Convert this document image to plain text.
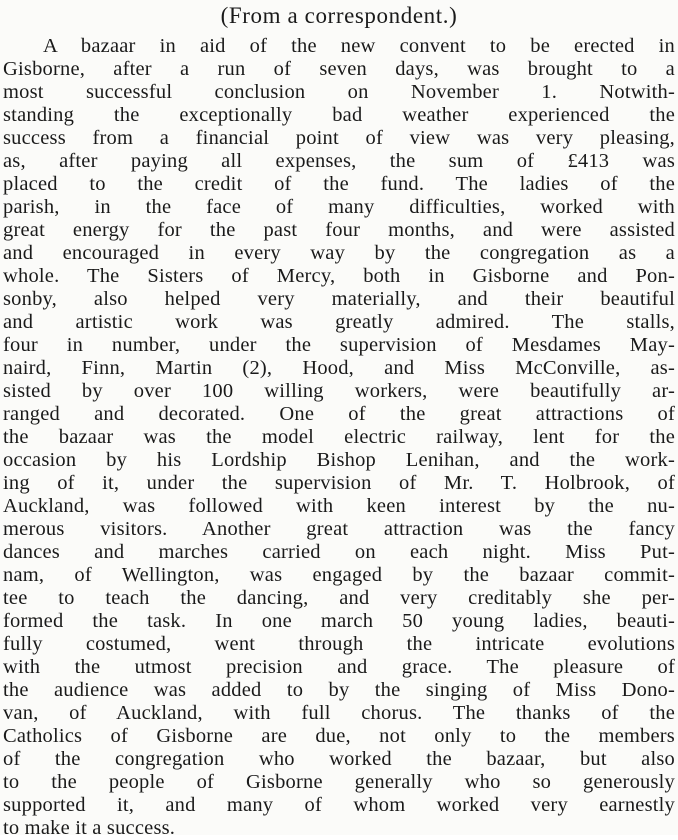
(From a correspondent.)
A bazaar in aid of the new convent to be erected in
Gisborne, after a run of seven days, was brought to a
most successful conclusion on November 1. Notwith-
standing the exceptionally bad weather experienced the
success from a financial point of view was very pleasing,
as, after paying all expenses, the sum of £413 was
placed to the credit of the fund. The ladies of the
parish, in the face of many difficulties, worked with
great energy for the past four months, and were assisted
and encouraged in every way by the congregation as a
whole. The Sisters of Mercy, both in Gisborne and Pon-
sonby, also helped very materially, and their beautiful
and artistic work was greatly admired. The stalls,
four in number, under the supervision of Mesdames May-
naird, Finn, Martin (2), Hood, and Miss McConville, as-
sisted by over 100 willing workers, were beautifully ar-
ranged and decorated. One of the great attractions of
the bazaar was the model electric railway, lent for the
occasion by his Lordship Bishop Lenihan, and the work-
ing of it, under the supervision of Mr. T. Holbrook, of
Auckland, was followed with keen interest by the nu-
merous visitors. Another great attraction was the fancy
dances and marches carried on each night. Miss Put-
nam, of Wellington, was engaged by the bazaar commit-
tee to teach the dancing, and very creditably she per-
formed the task. In one march 50 young ladies, beauti-
fully costumed, went through the intricate evolutions
with the utmost precision and grace. The pleasure of
the audience was added to by the singing of Miss Dono-
van, of Auckland, with full chorus. The thanks of the
Catholics of Gisborne are due, not only to the members
of the congregation who worked the bazaar, but also
to the people of Gisborne generally who so generously
supported it, and many of whom worked very earnestly
to make it a success.
